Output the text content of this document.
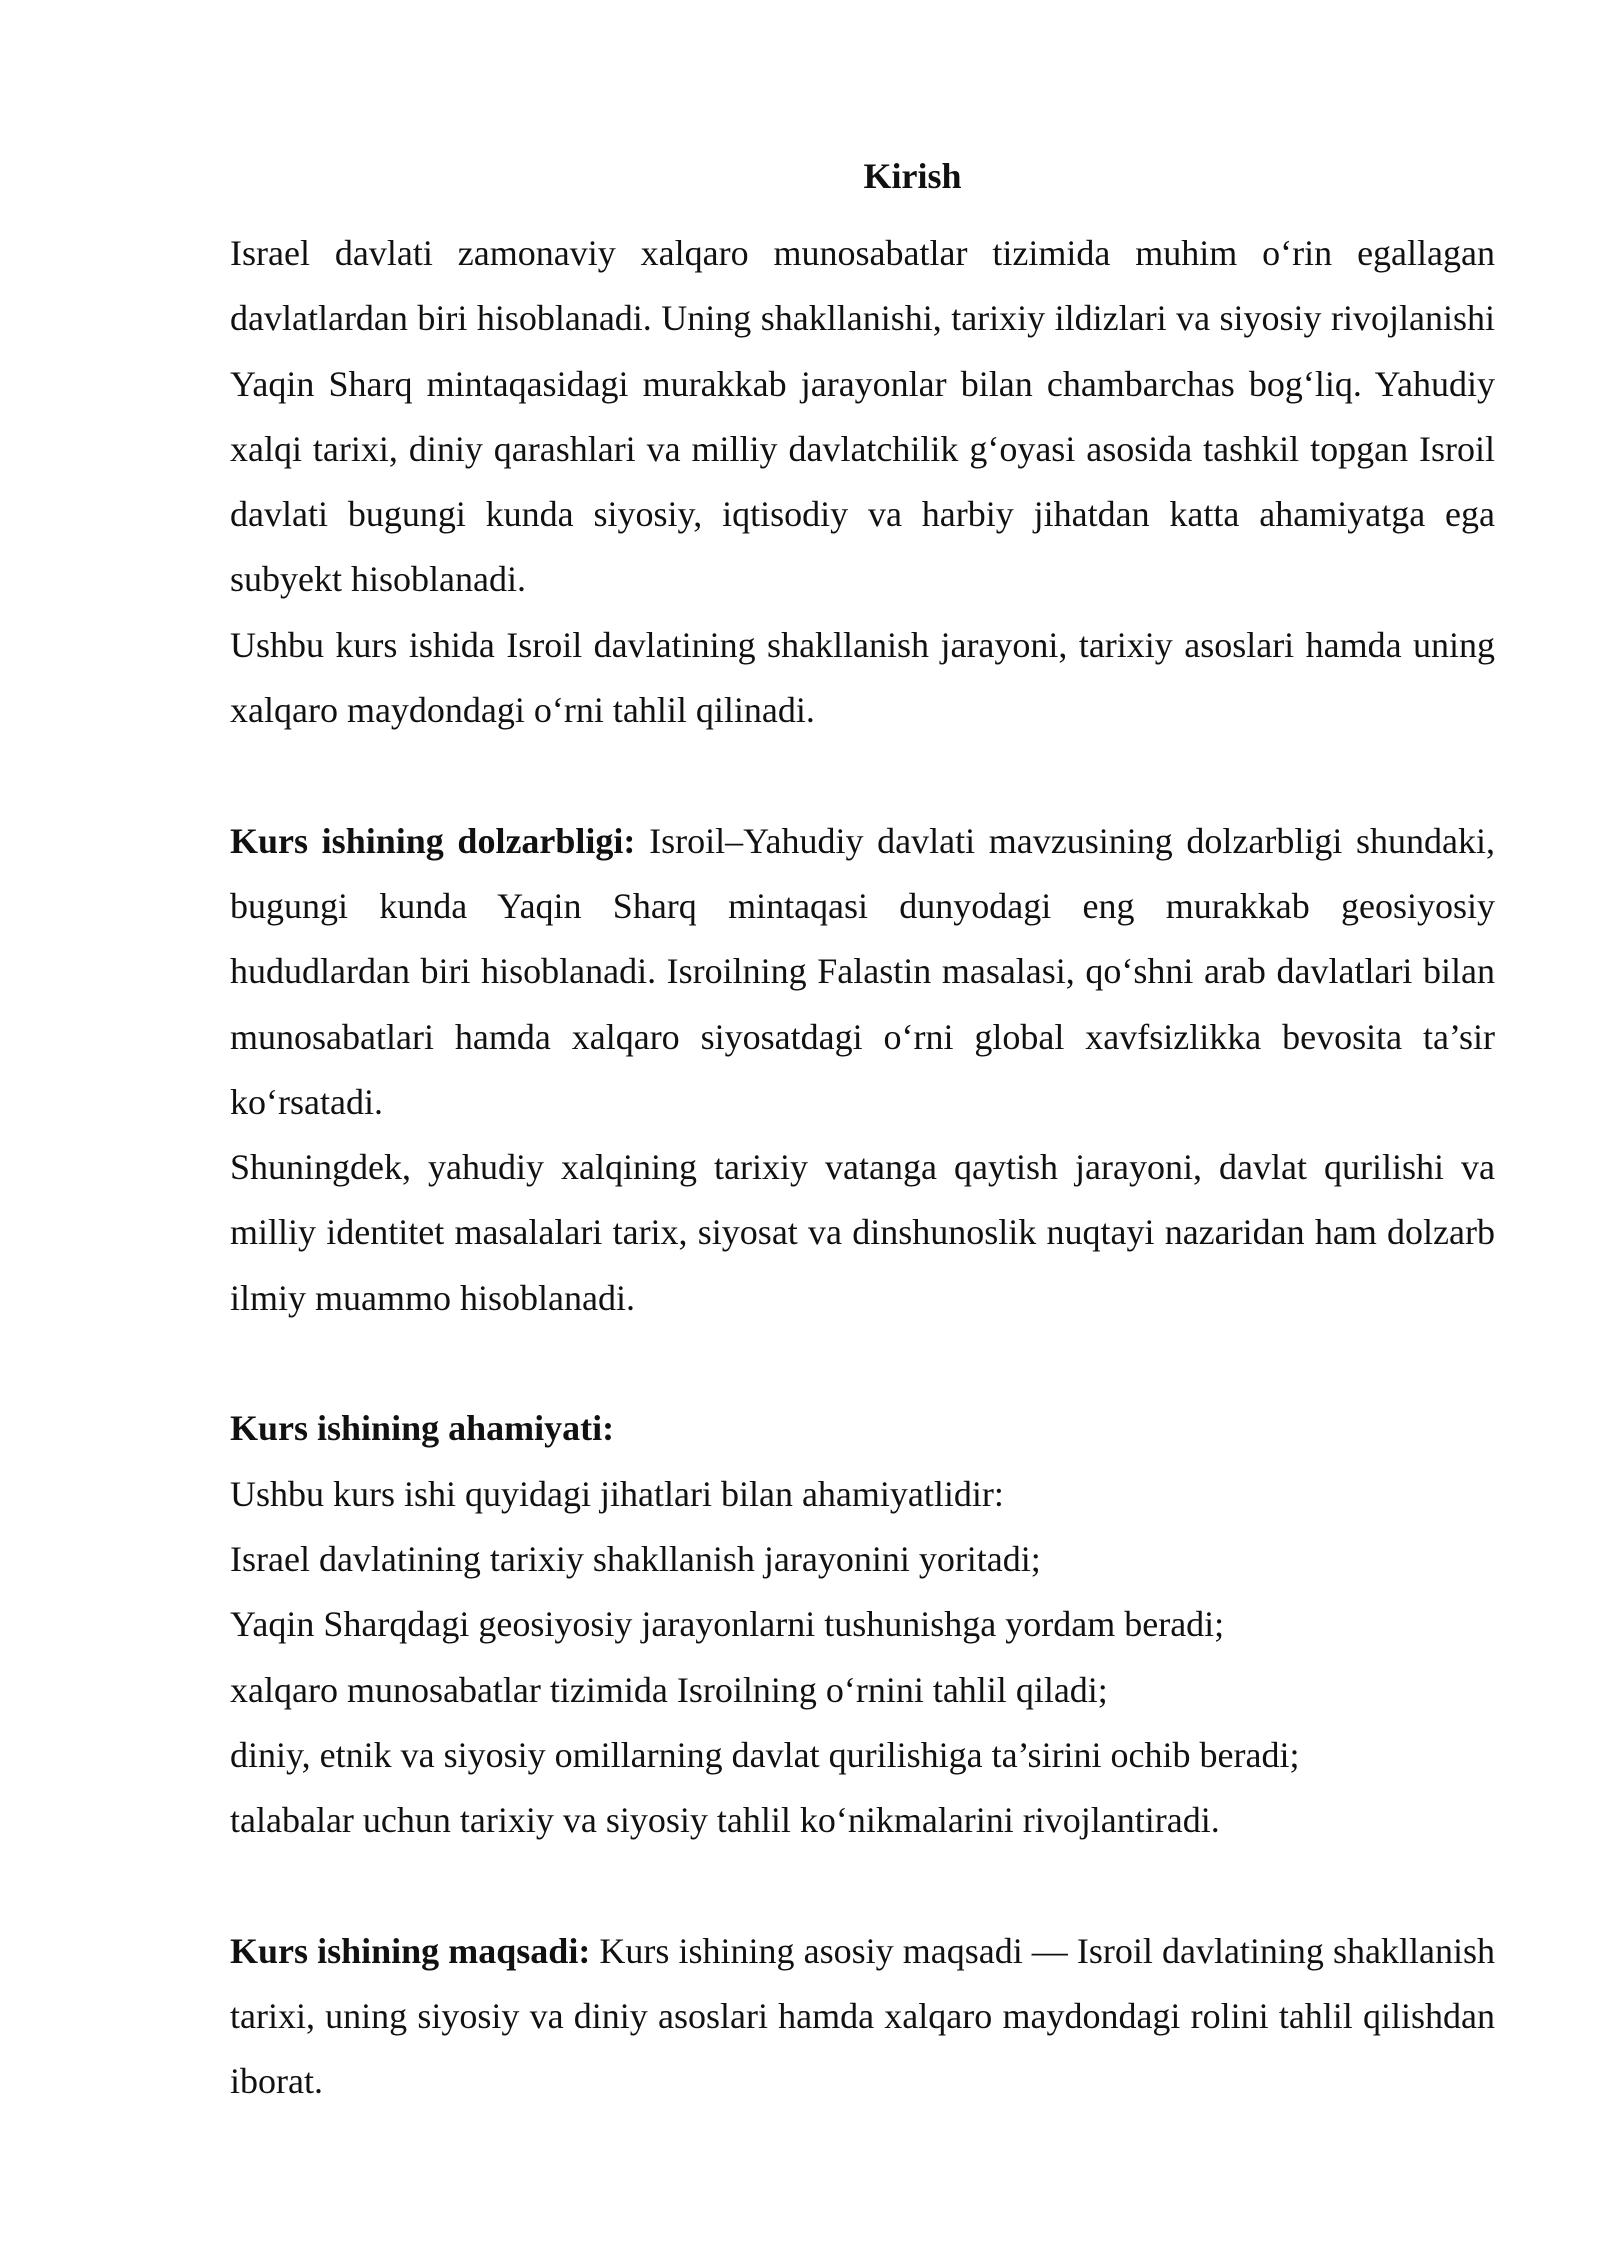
Kirish

Israel davlati zamonaviy xalqaro munosabatlar tizimida muhim o‘rin egallagan davlatlardan biri hisoblanadi. Uning shakllanishi, tarixiy ildizlari va siyosiy rivojlanishi Yaqin Sharq mintaqasidagi murakkab jarayonlar bilan chambarchas bog‘liq. Yahudiy xalqi tarixi, diniy qarashlari va milliy davlatchilik g‘oyasi asosida tashkil topgan Isroil davlati bugungi kunda siyosiy, iqtisodiy va harbiy jihatdan katta ahamiyatga ega subyekt hisoblanadi.

Ushbu kurs ishida Isroil davlatining shakllanish jarayoni, tarixiy asoslari hamda uning xalqaro maydondagi o‘rni tahlil qilinadi.

Kurs ishining dolzarbligi: Isroil–Yahudiy davlati mavzusining dolzarbligi shundaki, bugungi kunda Yaqin Sharq mintaqasi dunyodagi eng murakkab geosiyosiy hududlardan biri hisoblanadi. Isroilning Falastin masalasi, qo‘shni arab davlatlari bilan munosabatlari hamda xalqaro siyosatdagi o‘rni global xavfsizlikka bevosita ta’sir ko‘rsatadi.

Shuningdek, yahudiy xalqining tarixiy vatanga qaytish jarayoni, davlat qurilishi va milliy identitet masalalari tarix, siyosat va dinshunoslik nuqtayi nazaridan ham dolzarb ilmiy muammo hisoblanadi.

Kurs ishining ahamiyati:

Ushbu kurs ishi quyidagi jihatlari bilan ahamiyatlidir:
Israel davlatining tarixiy shakllanish jarayonini yoritadi;
Yaqin Sharqdagi geosiyosiy jarayonlarni tushunishga yordam beradi;
xalqaro munosabatlar tizimida Isroilning o‘rnini tahlil qiladi;
diniy, etnik va siyosiy omillarning davlat qurilishiga ta’sirini ochib beradi;
talabalar uchun tarixiy va siyosiy tahlil ko‘nikmalarini rivojlantiradi.

Kurs ishining maqsadi: Kurs ishining asosiy maqsadi — Isroil davlatining shakllanish tarixi, uning siyosiy va diniy asoslari hamda xalqaro maydondagi rolini tahlil qilishdan iborat.
